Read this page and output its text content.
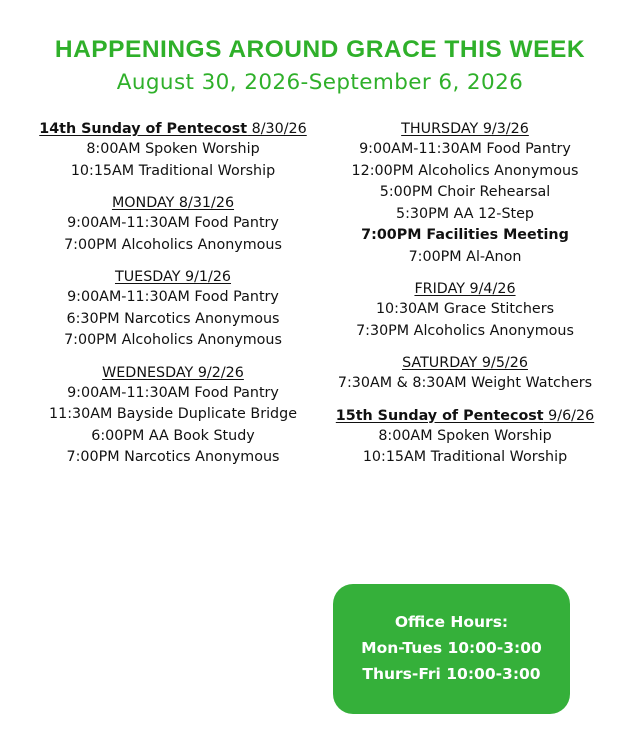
HAPPENINGS AROUND GRACE THIS WEEK
August 30, 2026-September 6, 2026
14th Sunday of Pentecost 8/30/26
8:00AM Spoken Worship
10:15AM Traditional Worship
MONDAY 8/31/26
9:00AM-11:30AM Food Pantry
7:00PM Alcoholics Anonymous
TUESDAY 9/1/26
9:00AM-11:30AM Food Pantry
6:30PM Narcotics Anonymous
7:00PM Alcoholics Anonymous
WEDNESDAY 9/2/26
9:00AM-11:30AM Food Pantry
11:30AM Bayside Duplicate Bridge
6:00PM AA Book Study
7:00PM Narcotics Anonymous
THURSDAY 9/3/26
9:00AM-11:30AM Food Pantry
12:00PM Alcoholics Anonymous
5:00PM Choir Rehearsal
5:30PM AA 12-Step
7:00PM Facilities Meeting
7:00PM Al-Anon
FRIDAY 9/4/26
10:30AM Grace Stitchers
7:30PM Alcoholics Anonymous
SATURDAY 9/5/26
7:30AM & 8:30AM Weight Watchers
15th Sunday of Pentecost 9/6/26
8:00AM Spoken Worship
10:15AM Traditional Worship
Office Hours:
Mon-Tues 10:00-3:00
Thurs-Fri 10:00-3:00
